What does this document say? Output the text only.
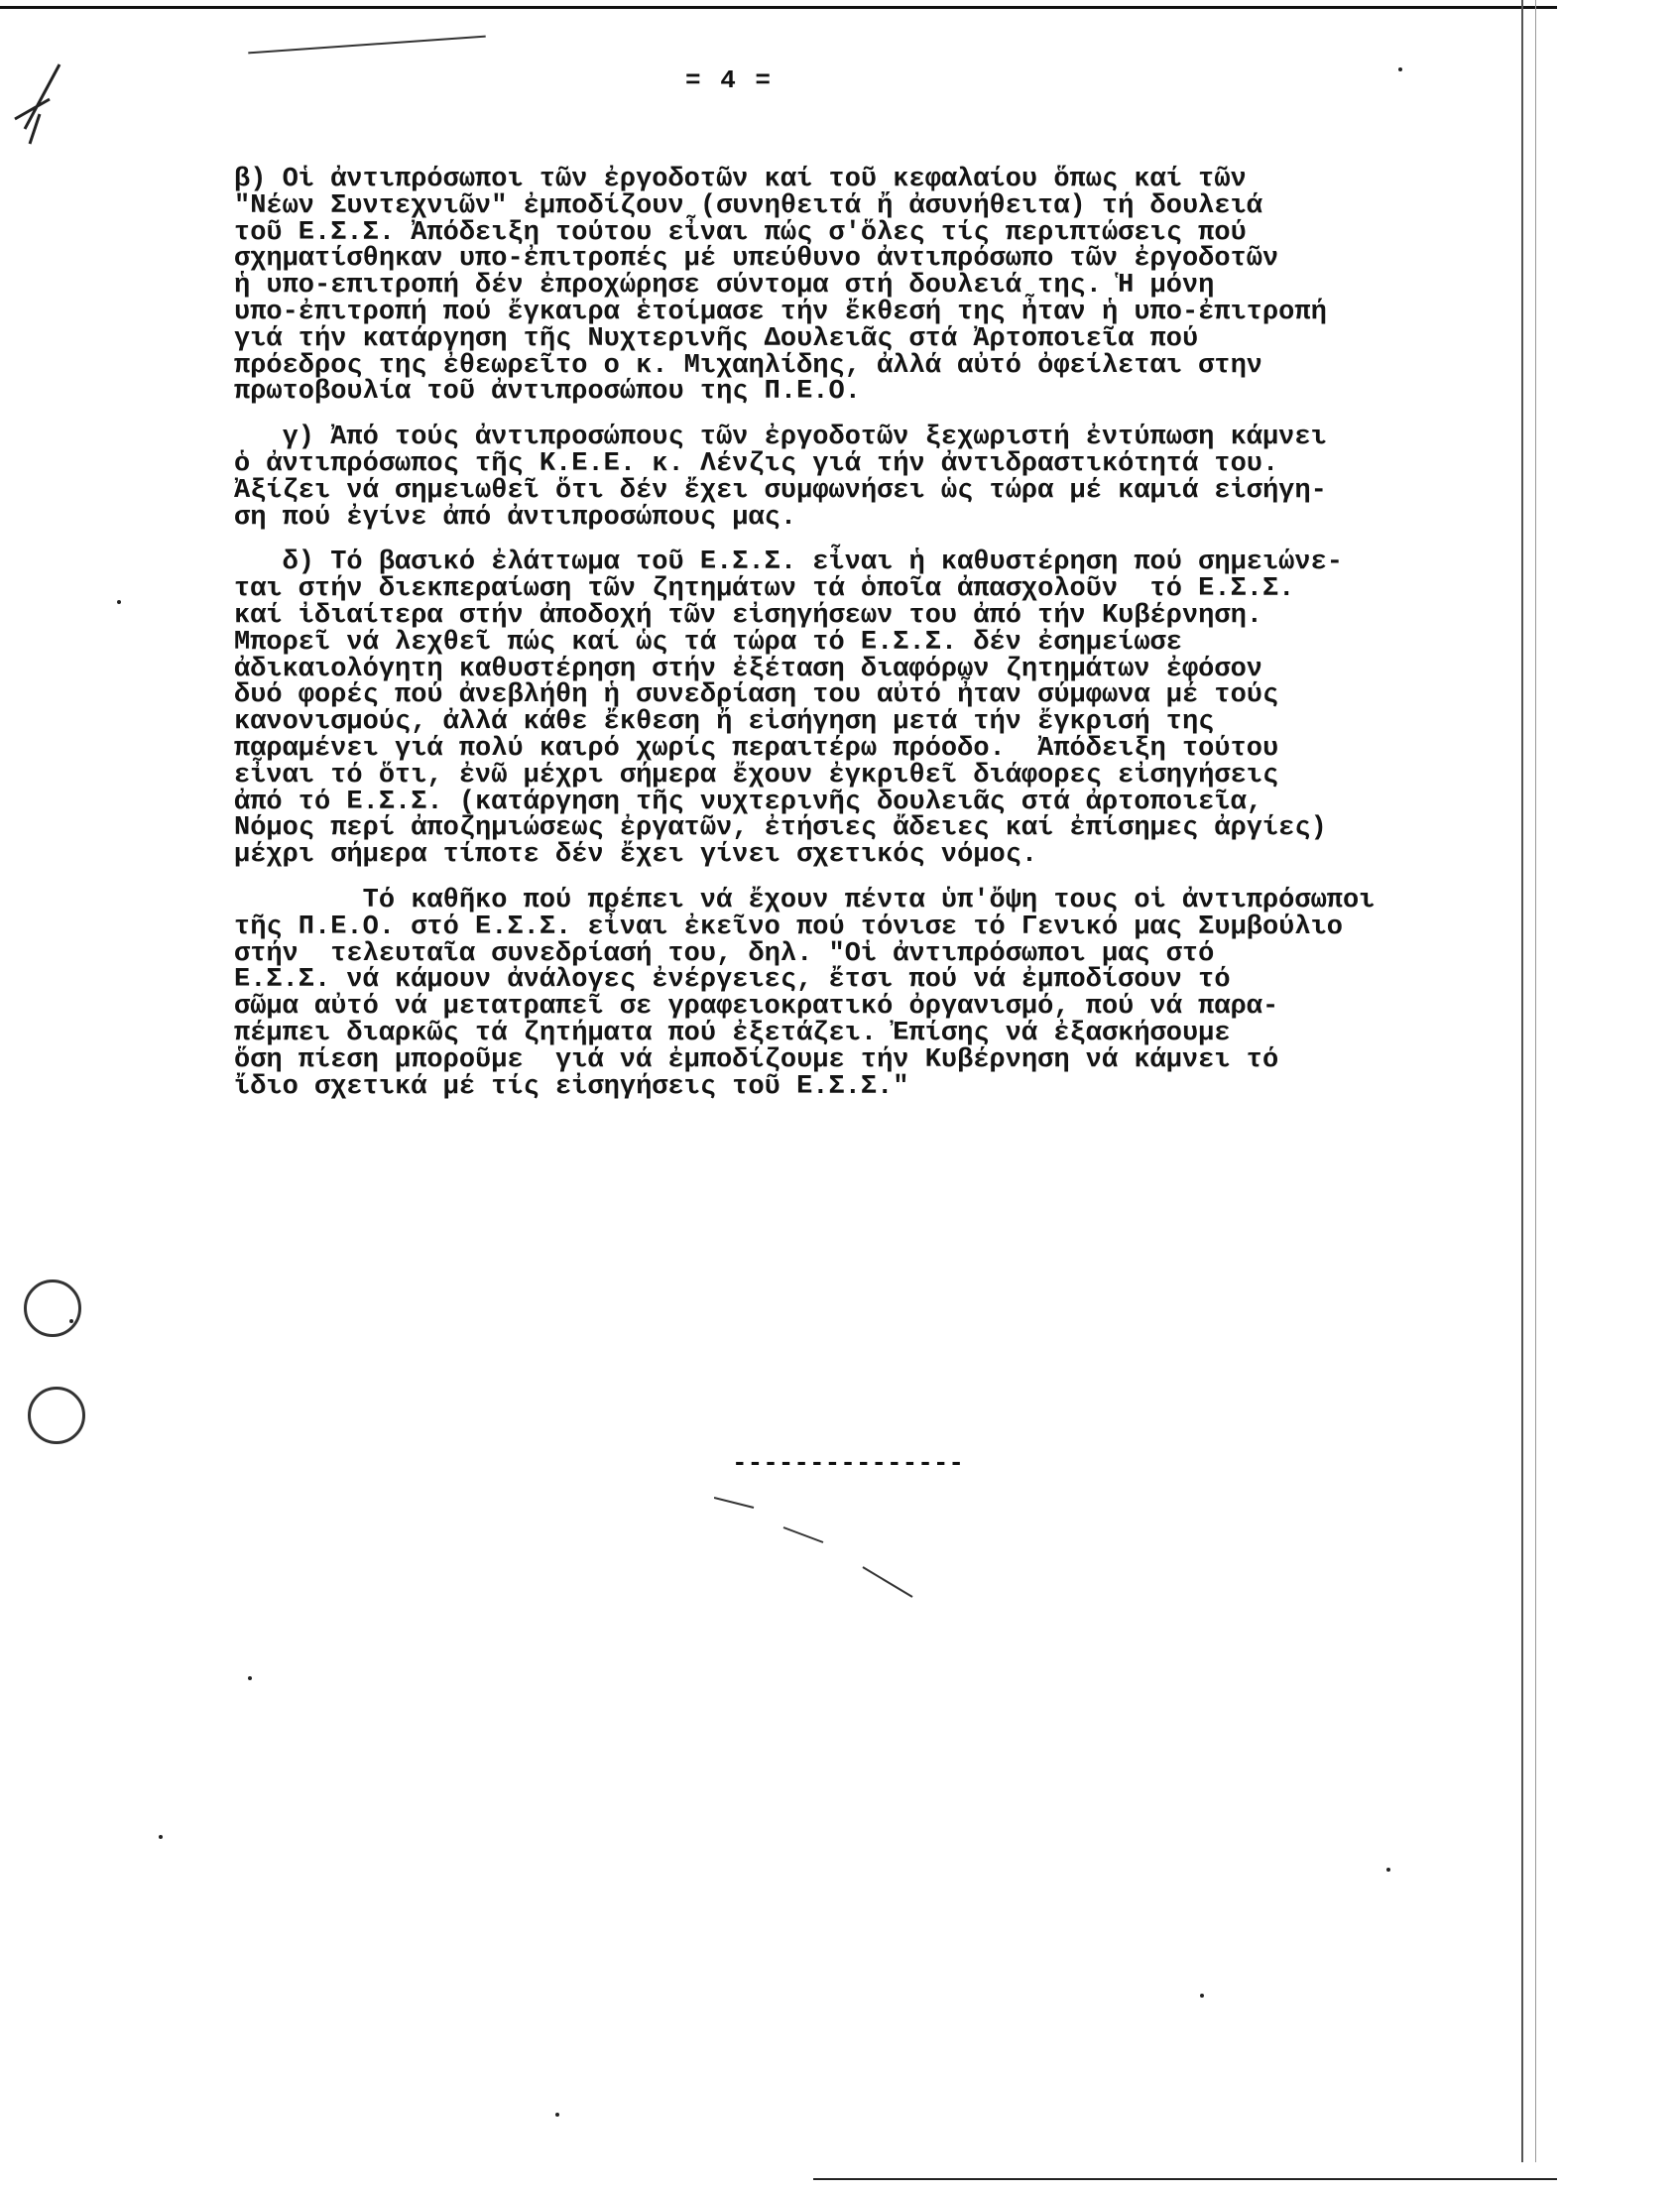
= 4 =

β) Οἱ ἀντιπρόσωποι τῶν ἐργοδοτῶν καί τοῦ κεφαλαίου ὅπως καί τῶν
"Νέων Συντεχνιῶν" ἐμποδίζουν (συνηθειτά ἤ ἀσυνήθειτα) τή δουλειά
τοῦ Ε.Σ.Σ. Ἀπόδειξη τούτου εἶναι πώς σ'ὅλες τίς περιπτώσεις πού
σχηματίσθηκαν υπο-ἐπιτροπές μέ υπεύθυνο ἀντιπρόσωπο τῶν ἐργοδοτῶν
ἡ υπο-επιτροπή δέν ἐπροχώρησε σύντομα στή δουλειά της. Ἡ μόνη
υπο-ἐπιτροπή πού ἔγκαιρα ἑτοίμασε τήν ἔκθεσή της ἦταν ἡ υπο-ἐπιτροπή
γιά τήν κατάργηση τῆς Νυχτερινῆς Δουλειᾶς στά Ἀρτοποιεῖα πού
πρόεδρος της ἐθεωρεῖτο ο κ. Μιχαηλίδης, ἀλλά αὐτό ὀφείλεται στην
πρωτοβουλία τοῦ ἀντιπροσώπου της Π.Ε.Ο.

γ) Ἀπό τούς ἀντιπροσώπους τῶν ἐργοδοτῶν ξεχωριστή ἐντύπωση κάμνει
ὁ ἀντιπρόσωπος τῆς Κ.Ε.Ε. κ. Λένζις γιά τήν ἀντιδραστικότητά του.
Ἀξίζει νά σημειωθεῖ ὅτι δέν ἔχει συμφωνήσει ὡς τώρα μέ καμιά εἰσήγη-
ση πού ἐγίνε ἀπό ἀντιπροσώπους μας.

δ) Τό βασικό ἐλάττωμα τοῦ Ε.Σ.Σ. εἶναι ἡ καθυστέρηση πού σημειώνε-
ται στήν διεκπεραίωση τῶν ζητημάτων τά ὁποῖα ἀπασχολοῦν  τό Ε.Σ.Σ.
καί ἰδιαίτερα στήν ἀποδοχή τῶν εἰσηγήσεων του ἀπό τήν Κυβέρνηση.
Μπορεῖ νά λεχθεῖ πώς καί ὡς τά τώρα τό Ε.Σ.Σ. δέν ἐσημείωσε
ἀδικαιολόγητη καθυστέρηση στήν ἐξέταση διαφόρων ζητημάτων ἐφόσον
δυό φορές πού ἀνεβλήθη ἡ συνεδρίαση του αὐτό ἦταν σύμφωνα μέ τούς
κανονισμούς, ἀλλά κάθε ἔκθεση ἤ εἰσήγηση μετά τήν ἔγκρισή της
παραμένει γιά πολύ καιρό χωρίς περαιτέρω πρόοδο.  Ἀπόδειξη τούτου
εἶναι τό ὅτι, ἐνῶ μέχρι σήμερα ἔχουν ἐγκριθεῖ διάφορες εἰσηγήσεις
ἀπό τό Ε.Σ.Σ. (κατάργηση τῆς νυχτερινῆς δουλειᾶς στά ἀρτοποιεῖα,
Νόμος περί ἀποζημιώσεως ἐργατῶν, ἐτήσιες ἄδειες καί ἐπίσημες ἀργίες)
μέχρι σήμερα τίποτε δέν ἔχει γίνει σχετικός νόμος.

Τό καθῆκο πού πρέπει νά ἔχουν πέντα ὑπ'ὄψη τους οἱ ἀντιπρόσωποι
τῆς Π.Ε.Ο. στό Ε.Σ.Σ. εἶναι ἐκεῖνο πού τόνισε τό Γενικό μας Συμβούλιο
στήν  τελευταῖα συνεδρίασή του, δηλ. "Οἱ ἀντιπρόσωποι μας στό
Ε.Σ.Σ. νά κάμουν ἀνάλογες ἐνέργειες, ἔτσι πού νά ἐμποδίσουν τό
σῶμα αὐτό νά μετατραπεῖ σε γραφειοκρατικό ὀργανισμό, πού νά παρα-
πέμπει διαρκῶς τά ζητήματα πού ἐξετάζει. Ἐπίσης νά ἐξασκήσουμε
ὅση πίεση μποροῦμε  γιά νά ἐμποδίζουμε τήν Κυβέρνηση νά κάμνει τό
ἴδιο σχετικά μέ τίς εἰσηγήσεις τοῦ Ε.Σ.Σ."

---------------
